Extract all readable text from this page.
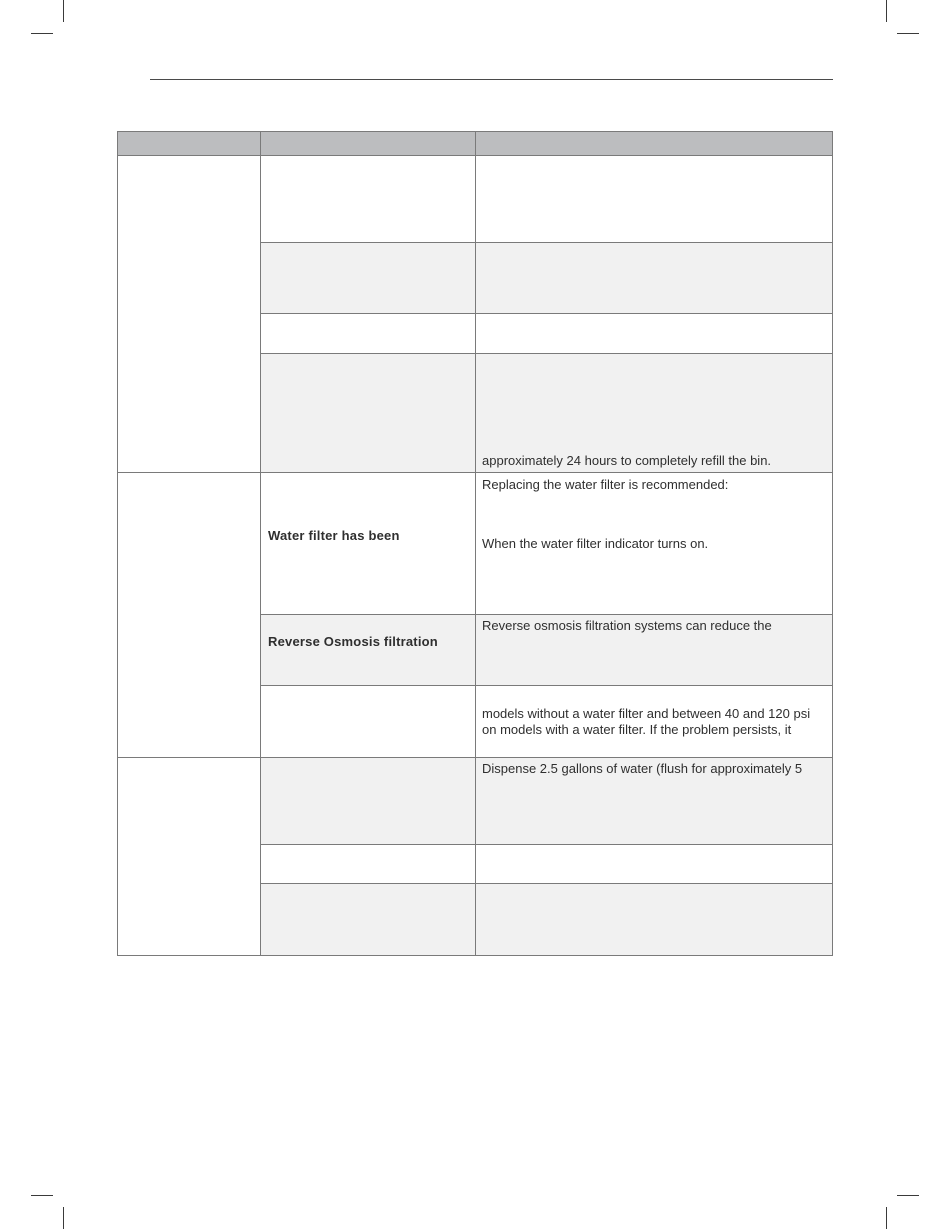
approximately 24 hours to completely refill the bin.
Water filter has been
Replacing the water filter is recommended:
When the water filter indicator turns on.
Reverse Osmosis filtration
Reverse osmosis filtration systems can reduce the
models without a water filter and between 40 and 120 psi
on models with a water filter. If the problem persists, it
Dispense 2.5 gallons of water (flush for approximately 5
